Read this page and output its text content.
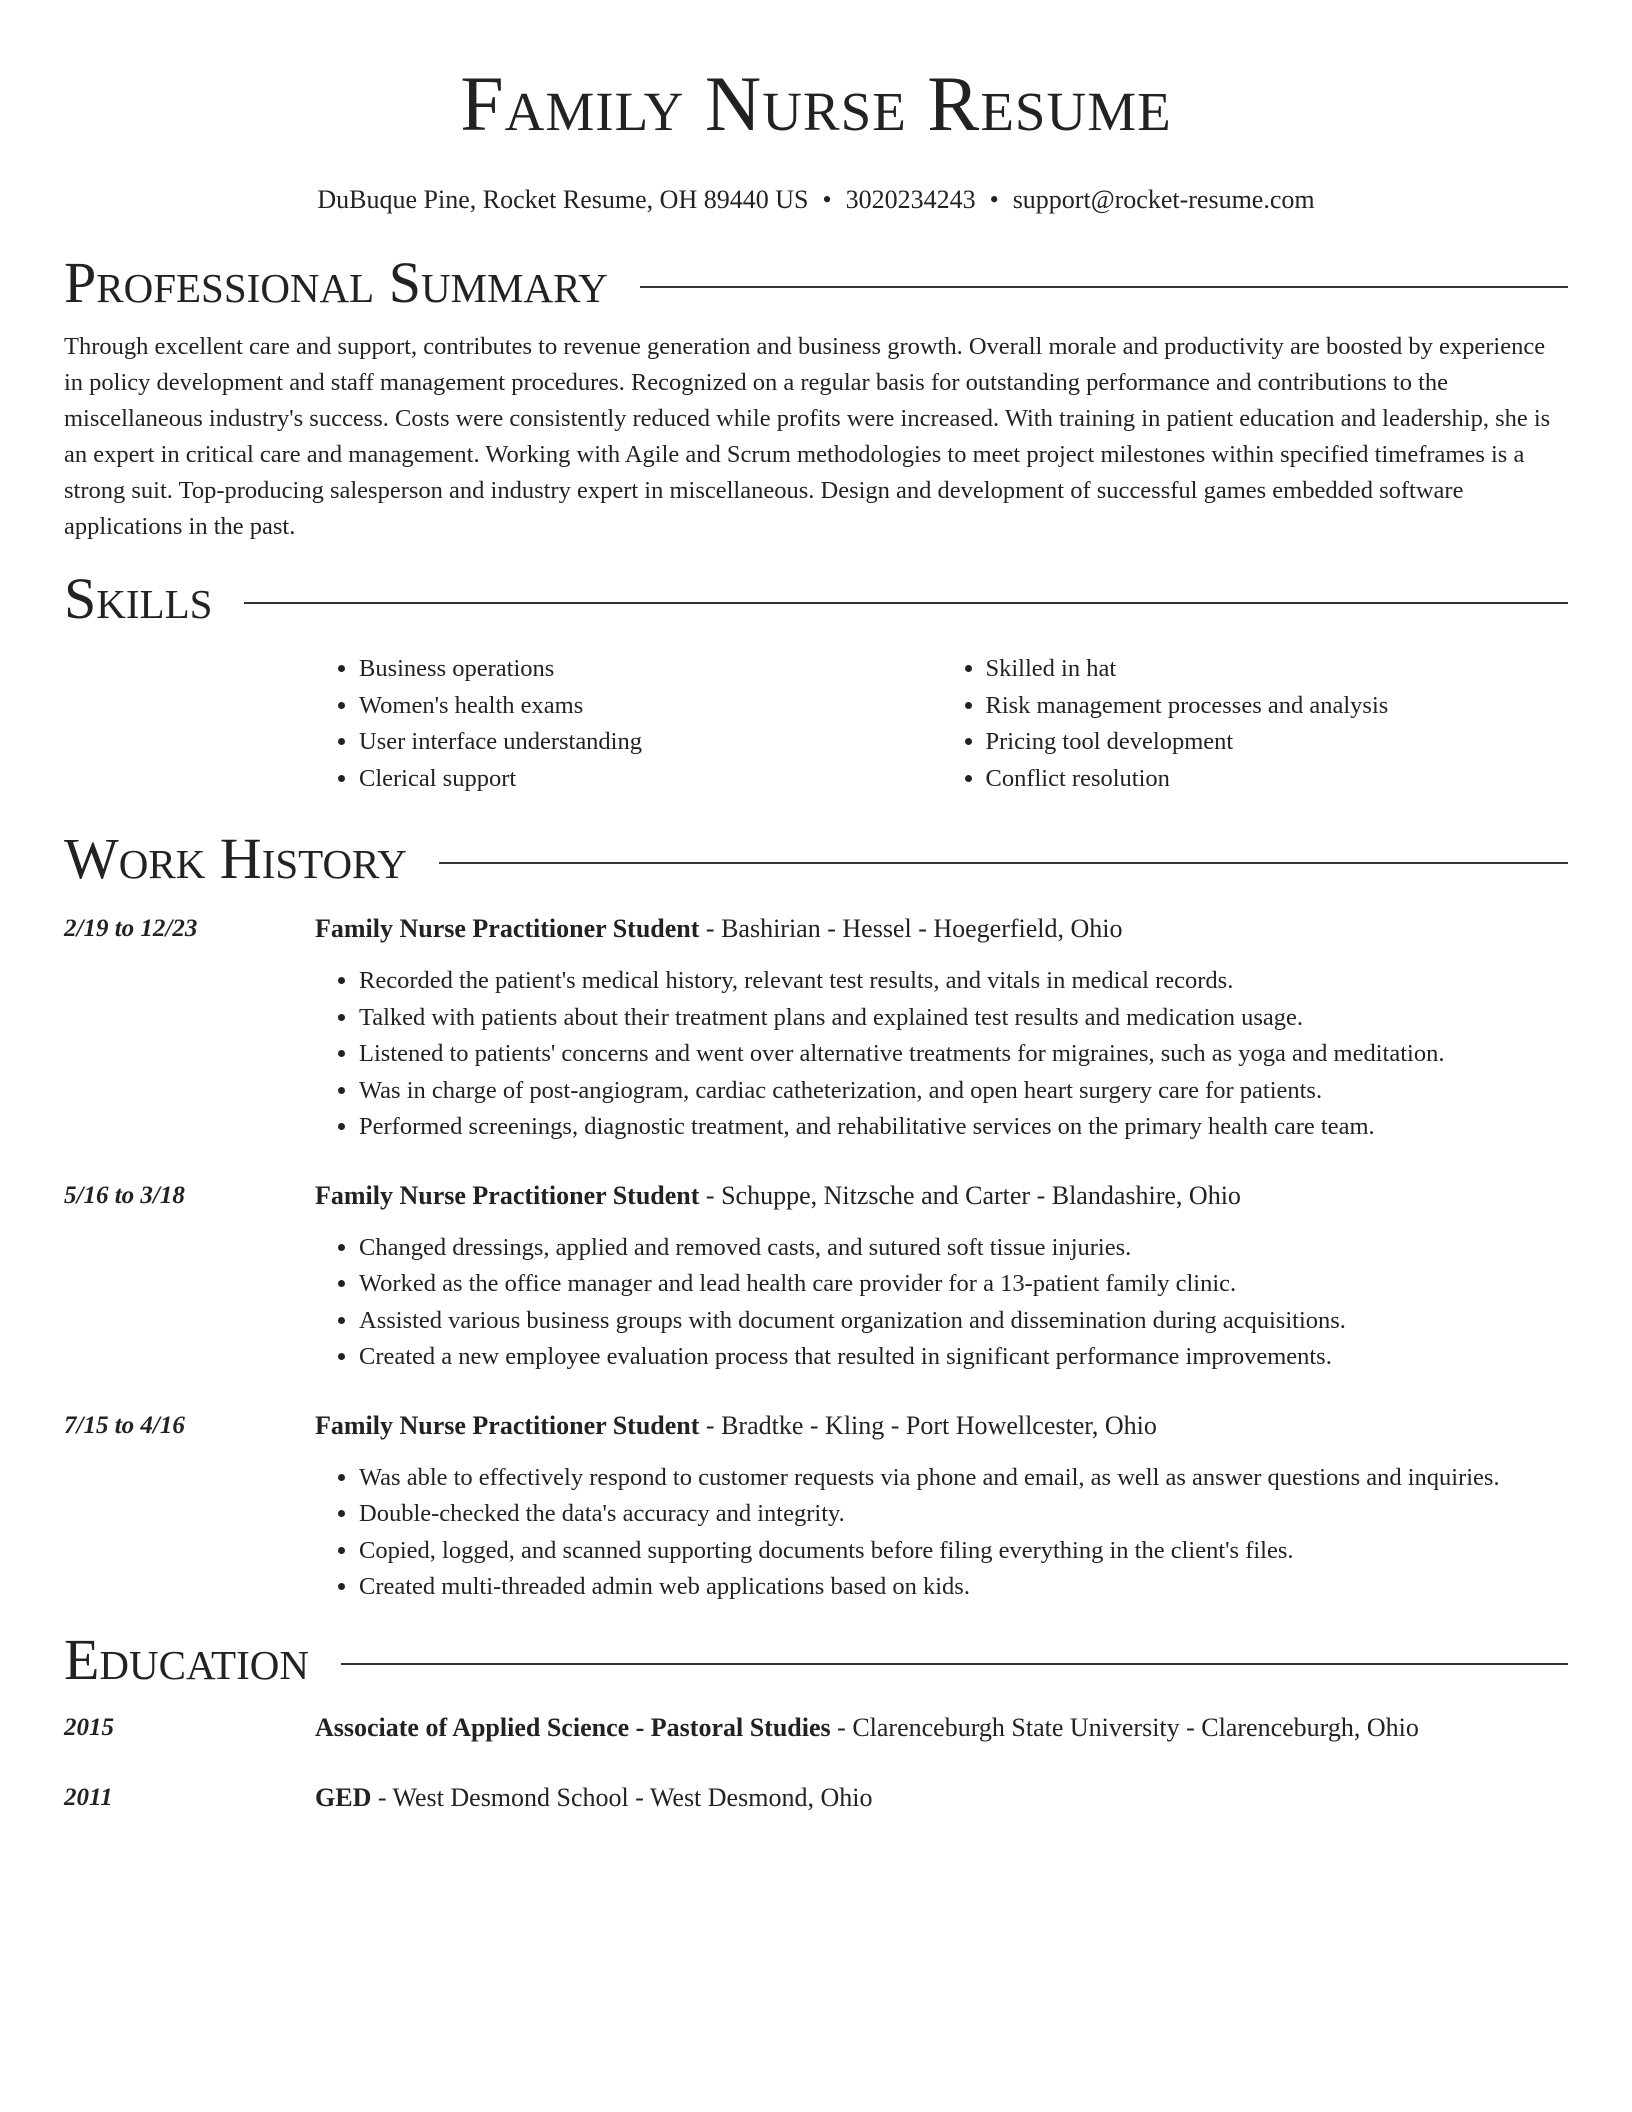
Family Nurse Resume
DuBuque Pine, Rocket Resume, OH 89440 US • 3020234243 • support@rocket-resume.com
Professional Summary

Through excellent care and support, contributes to revenue generation and business growth. Overall morale and productivity are boosted by experience in policy development and staff management procedures. Recognized on a regular basis for outstanding performance and contributions to the miscellaneous industry's success. Costs were consistently reduced while profits were increased. With training in patient education and leadership, she is an expert in critical care and management. Working with Agile and Scrum methodologies to meet project milestones within specified timeframes is a strong suit. Top-producing salesperson and industry expert in miscellaneous. Design and development of successful games embedded software applications in the past.

Skills
• Business operations
• Women's health exams
• User interface understanding
• Clerical support
• Skilled in hat
• Risk management processes and analysis
• Pricing tool development
• Conflict resolution
Work History
2/19 to 12/23	Family Nurse Practitioner Student - Bashirian - Hessel - Hoegerfield, Ohio
• Recorded the patient's medical history, relevant test results, and vitals in medical records.
• Talked with patients about their treatment plans and explained test results and medication usage.
• Listened to patients' concerns and went over alternative treatments for migraines, such as yoga and meditation.
• Was in charge of post-angiogram, cardiac catheterization, and open heart surgery care for patients.
• Performed screenings, diagnostic treatment, and rehabilitative services on the primary health care team.
5/16 to 3/18	Family Nurse Practitioner Student - Schuppe, Nitzsche and Carter - Blandashire, Ohio
• Changed dressings, applied and removed casts, and sutured soft tissue injuries.
• Worked as the office manager and lead health care provider for a 13-patient family clinic.
• Assisted various business groups with document organization and dissemination during acquisitions.
• Created a new employee evaluation process that resulted in significant performance improvements.
7/15 to 4/16	Family Nurse Practitioner Student - Bradtke - Kling - Port Howellcester, Ohio
• Was able to effectively respond to customer requests via phone and email, as well as answer questions and inquiries.
• Double-checked the data's accuracy and integrity.
• Copied, logged, and scanned supporting documents before filing everything in the client's files.
• Created multi-threaded admin web applications based on kids.
Education
2015	Associate of Applied Science - Pastoral Studies - Clarenceburgh State University - Clarenceburgh, Ohio
2011	GED - West Desmond School - West Desmond, Ohio
